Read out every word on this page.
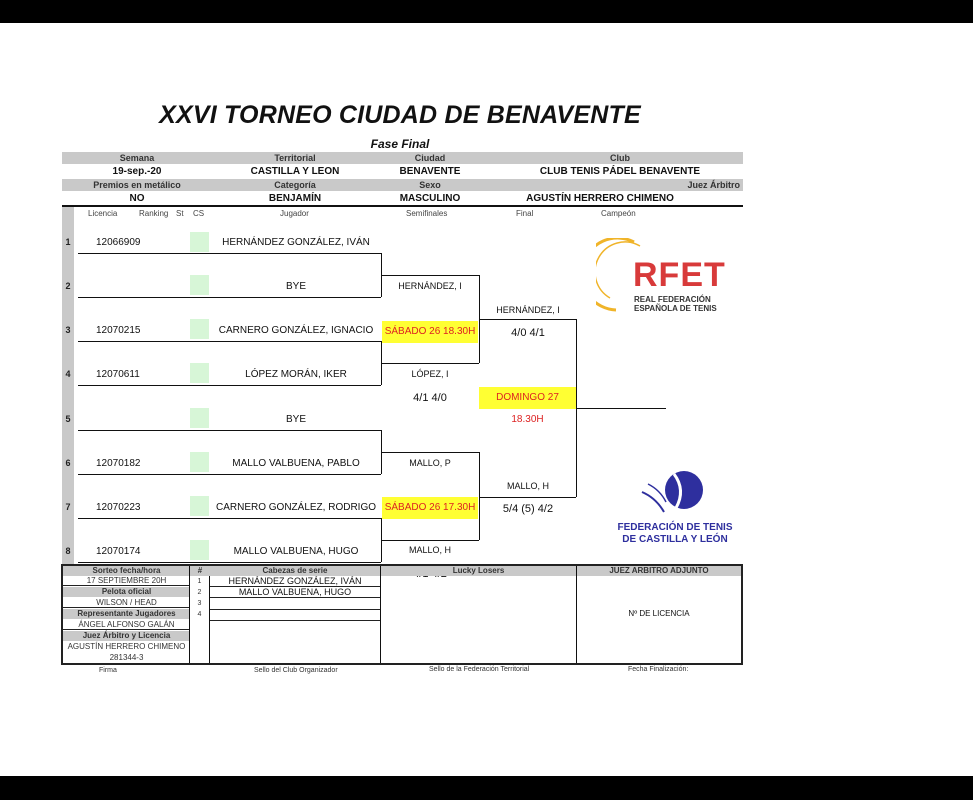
XXVI TORNEO CIUDAD DE BENAVENTE
Fase Final
Semana	Territorial	Ciudad	Club
19-sep.-20	CASTILLA Y LEON	BENAVENTE	CLUB TENIS PÁDEL BENAVENTE
Premios en metálico	Categoría	Sexo	Juez Árbitro
NO	BENJAMÍN	MASCULINO	AGUSTÍN HERRERO CHIMENO
Licencia	Ranking St CS	Jugador	Semifinales	Final	Campeón
1	12066909	HERNÁNDEZ GONZÁLEZ, IVÁN
2	BYE
3	12070215	CARNERO GONZÁLEZ, IGNACIO
4	12070611	LÓPEZ MORÁN, IKER
5	BYE
6	12070182	MALLO VALBUENA, PABLO
7	12070223	CARNERO GONZÁLEZ, RODRIGO
8	12070174	MALLO VALBUENA, HUGO
HERNÁNDEZ, I
SÁBADO 26 18.30H
LÓPEZ, I
4/1 4/0
MALLO, P
SÁBADO 26 17.30H
MALLO, H
HERNÁNDEZ, I
4/0 4/1
DOMINGO 27 18.30H
MALLO, H
5/4 (5) 4/2
RFET
REAL FEDERACIÓN
ESPAÑOLA DE TENIS
FEDERACIÓN DE TENIS
DE CASTILLA Y LEÓN
Sorteo fecha/hora
17 SEPTIEMBRE 20H
Pelota oficial
WILSON / HEAD
Representante Jugadores
ÁNGEL ALFONSO GALÁN
Juez Árbitro y Licencia
AGUSTÍN HERRERO CHIMENO
281344-3
#	Cabezas de serie
1	HERNÁNDEZ GONZÁLEZ, IVÁN
2	MALLO VALBUENA, HUGO
3
4
Lucky Losers	JUEZ ARBITRO ADJUNTO
Nº DE LICENCIA
Firma	Sello del Club Organizador	Sello de la Federación Territorial	Fecha Finalización:
